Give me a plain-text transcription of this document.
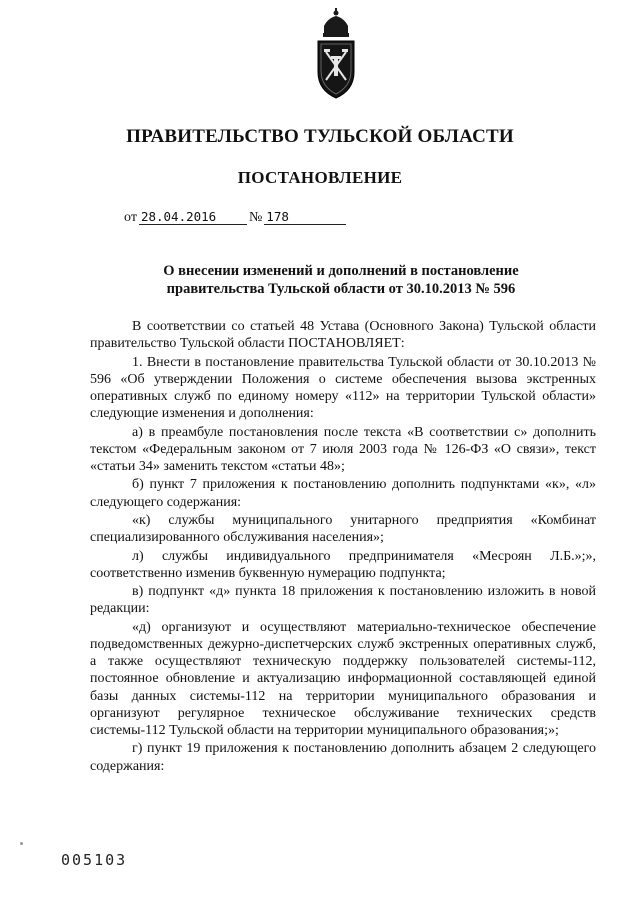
ПРАВИТЕЛЬСТВО ТУЛЬСКОЙ ОБЛАСТИ
ПОСТАНОВЛЕНИЕ
от 28.04.2016 № 178
О внесении изменений и дополнений в постановление
правительства Тульской области от 30.10.2013 № 596

В соответствии со статьей 48 Устава (Основного Закона) Тульской области правительство Тульской области ПОСТАНОВЛЯЕТ:

1. Внести в постановление правительства Тульской области от 30.10.2013 № 596 «Об утверждении Положения о системе обеспечения вызова экстренных оперативных служб по единому номеру «112» на территории Тульской области» следующие изменения и дополнения:

а) в преамбуле постановления после текста «В соответствии с» дополнить текстом «Федеральным законом от 7 июля 2003 года № 126-ФЗ «О связи», текст «статьи 34» заменить текстом «статьи 48»;

б) пункт 7 приложения к постановлению дополнить подпунктами «к», «л» следующего содержания:

«к) службы муниципального унитарного предприятия «Комбинат специализированного обслуживания населения»;

л) службы индивидуального предпринимателя «Месроян Л.Б.»;», соответственно изменив буквенную нумерацию подпункта;

в) подпункт «д» пункта 18 приложения к постановлению изложить в новой редакции:

«д) организуют и осуществляют материально-техническое обеспечение подведомственных дежурно-диспетчерских служб экстренных оперативных служб, а также осуществляют техническую поддержку пользователей системы-112, постоянное обновление и актуализацию информационной составляющей единой базы данных системы-112 на территории муниципального образования и организуют регулярное техническое обслуживание технических средств системы-112 Тульской области на территории муниципального образования;»;

г) пункт 19 приложения к постановлению дополнить абзацем 2 следующего содержания:

005103
